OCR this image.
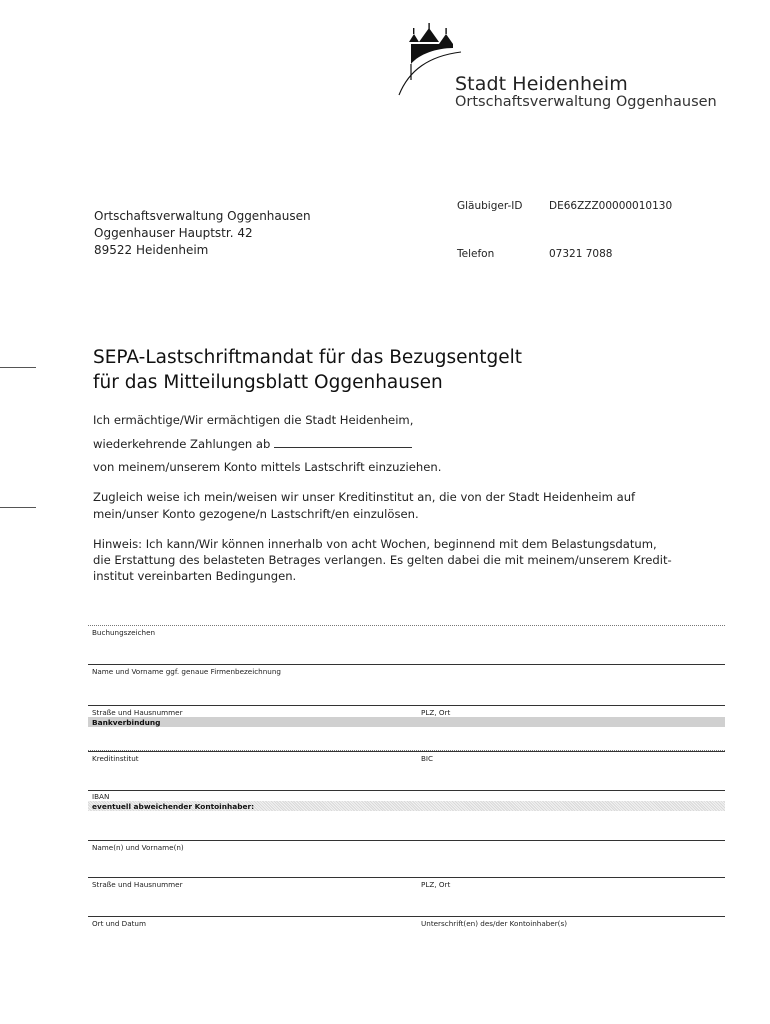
Stadt Heidenheim
Ortschaftsverwaltung Oggenhausen
Ortschaftsverwaltung Oggenhausen
Oggenhauser Hauptstr. 42
89522 Heidenheim
Gläubiger-ID	DE66ZZZ00000010130
Telefon	07321 7088
SEPA-Lastschriftmandat für das Bezugsentgelt
für das Mitteilungsblatt Oggenhausen
Ich ermächtige/Wir ermächtigen die Stadt Heidenheim,
wiederkehrende Zahlungen ab
von meinem/unserem Konto mittels Lastschrift einzuziehen.
Zugleich weise ich mein/weisen wir unser Kreditinstitut an, die von der Stadt Heidenheim auf
mein/unser Konto gezogene/n Lastschrift/en einzulösen.
Hinweis: Ich kann/Wir können innerhalb von acht Wochen, beginnend mit dem Belastungsdatum,
die Erstattung des belasteten Betrages verlangen. Es gelten dabei die mit meinem/unserem Kredit-
institut vereinbarten Bedingungen.
Buchungszeichen
Name und Vorname ggf. genaue Firmenbezeichnung
Straße und Hausnummer	PLZ, Ort
Bankverbindung
Kreditinstitut	BIC
IBAN
eventuell abweichender Kontoinhaber:
Name(n) und Vorname(n)
Straße und Hausnummer	PLZ, Ort
Ort und Datum	Unterschrift(en) des/der Kontoinhaber(s)
